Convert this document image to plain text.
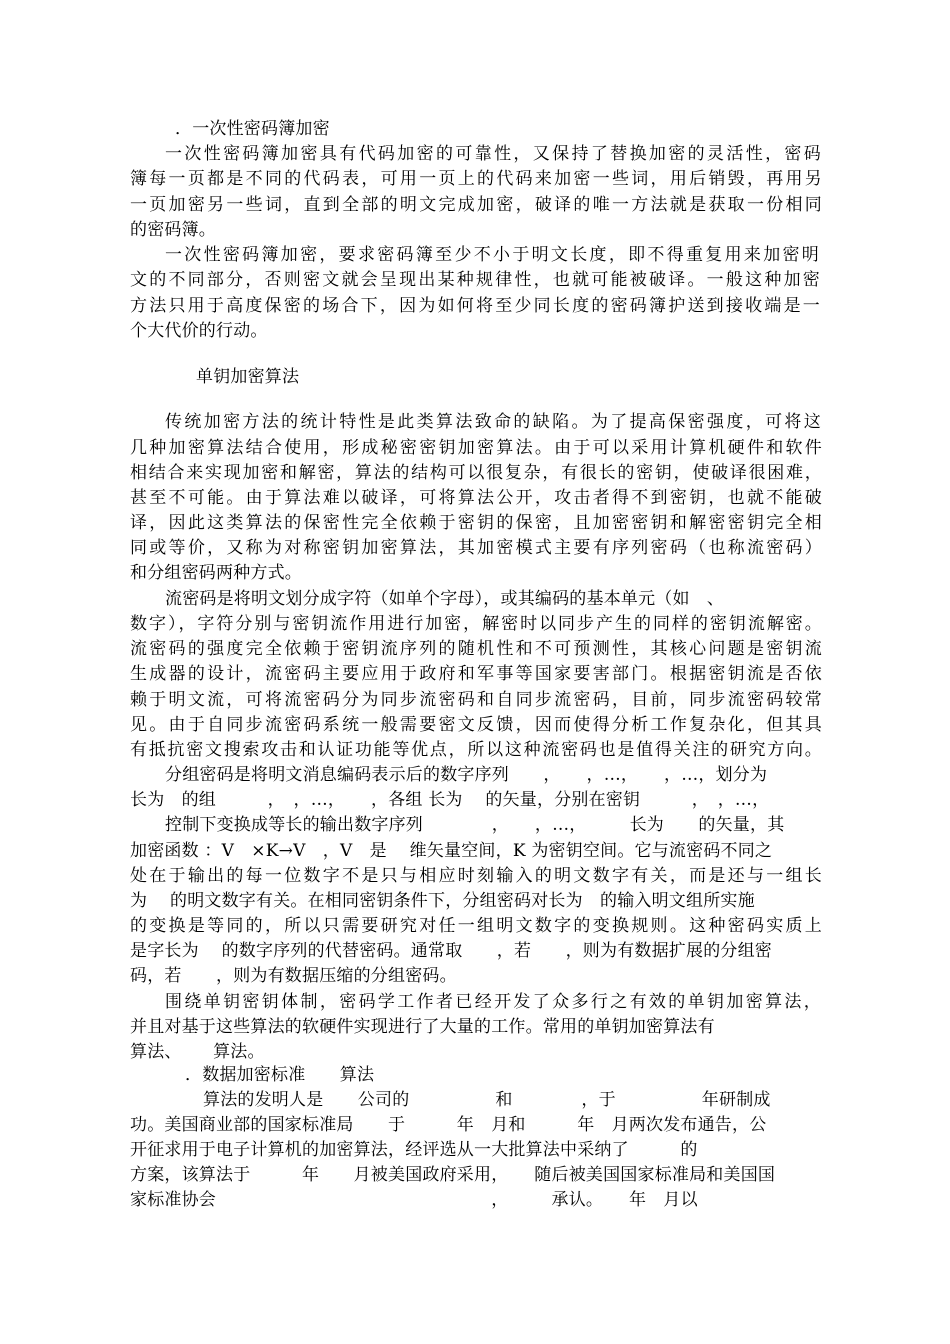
．一次性密码簿加密
一次性密码簿加密具有代码加密的可靠性，又保持了替换加密的灵活性，密码
簿每一页都是不同的代码表，可用一页上的代码来加密一些词，用后销毁，再用另
一页加密另一些词，直到全部的明文完成加密，破译的唯一方法就是获取一份相同
的密码簿。
一次性密码簿加密，要求密码簿至少不小于明文长度，即不得重复用来加密明
文的不同部分，否则密文就会呈现出某种规律性，也就可能被破译。一般这种加密
方法只用于高度保密的场合下，因为如何将至少同长度的密码簿护送到接收端是一
个大代价的行动。
单钥加密算法
传统加密方法的统计特性是此类算法致命的缺陷。为了提高保密强度，可将这
几种加密算法结合使用，形成秘密密钥加密算法。由于可以采用计算机硬件和软件
相结合来实现加密和解密，算法的结构可以很复杂，有很长的密钥，使破译很困难，
甚至不可能。由于算法难以破译，可将算法公开，攻击者得不到密钥，也就不能破
译，因此这类算法的保密性完全依赖于密钥的保密，且加密密钥和解密密钥完全相
同或等价，又称为对称密钥加密算法，其加密模式主要有序列密码（也称流密码）
和分组密码两种方式。
流密码是将明文划分成字符（如单个字母），或其编码的基本单元（如　、
数字），字符分别与密钥流作用进行加密，解密时以同步产生的同样的密钥流解密。
流密码的强度完全依赖于密钥流序列的随机性和不可预测性，其核心问题是密钥流
生成器的设计，流密码主要应用于政府和军事等国家要害部门。根据密钥流是否依
赖于明文流，可将流密码分为同步流密码和自同步流密码，目前，同步流密码较常
见。由于自同步流密码系统一般需要密文反馈，因而使得分析工作复杂化，但其具
有抵抗密文搜索攻击和认证功能等优点，所以这种流密码也是值得关注的研究方向。
分组密码是将明文消息编码表示后的数字序列　　，　　，…，　　，…，划分为
长为　的组　　　，　，…，　　，各组 长为　 的矢量，分别在密钥　　　，　，…，
控制下变换成等长的输出数字序列　　　　，　　，…，　　　长为　　的矢量，其
加密函数 ：V　×K→V　，V　是　 维矢量空间，K 为密钥空间。它与流密码不同之
处在于输出的每一位数字不是只与相应时刻输入的明文数字有关，而是还与一组长
为　 的明文数字有关。在相同密钥条件下，分组密码对长为　的输入明文组所实施
的变换是等同的，所以只需要研究对任一组明文数字的变换规则。这种密码实质上
是字长为　 的数字序列的代替密码。通常取　　，若　　，则为有数据扩展的分组密
码，若　　，则为有数据压缩的分组密码。
围绕单钥密钥体制，密码学工作者已经开发了众多行之有效的单钥加密算法，
并且对基于这些算法的软硬件实现进行了大量的工作。常用的单钥加密算法有
算法、　　 算法。
．数据加密标准　　算法
算法的发明人是　　公司的　　　　　和　　　　，于　　　　　年研制成
功。美国商业部的国家标准局　　于　　　年　月和　　　年　月两次发布通告，公
开征求用于电子计算机的加密算法，经评选从一大批算法中采纳了　　　的
方案，该算法于　　　年　　月被美国政府采用，　　随后被美国国家标准局和美国国
家标准协会　　　　　　　　　　　　　　　　，　　　承认。　　年　月以
